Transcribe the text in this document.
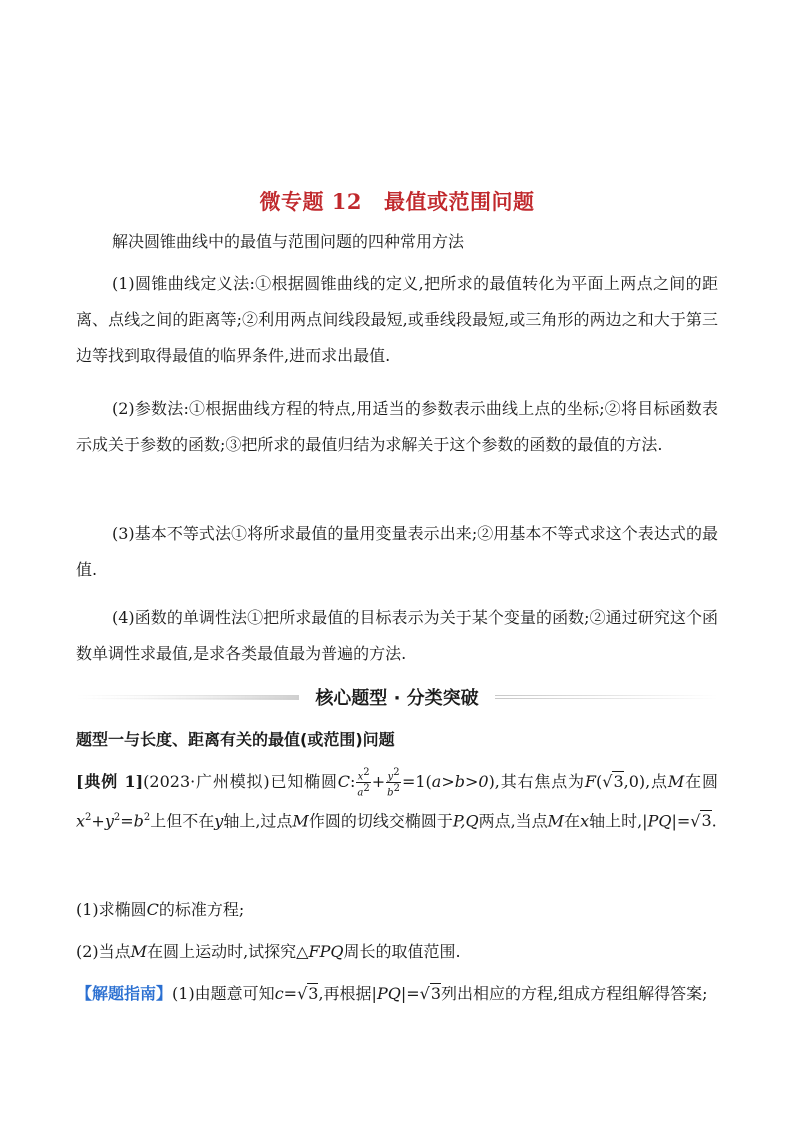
微专题 12 最值或范围问题
解决圆锥曲线中的最值与范围问题的四种常用方法
(1)圆锥曲线定义法:①根据圆锥曲线的定义,把所求的最值转化为平面上两点之间的距离、点线之间的距离等;②利用两点间线段最短,或垂线段最短,或三角形的两边之和大于第三边等找到取得最值的临界条件,进而求出最值.
(2)参数法:①根据曲线方程的特点,用适当的参数表示曲线上点的坐标;②将目标函数表示成关于参数的函数;③把所求的最值归结为求解关于这个参数的函数的最值的方法.
(3)基本不等式法①将所求最值的量用变量表示出来;②用基本不等式求这个表达式的最值.
(4)函数的单调性法①把所求最值的目标表示为关于某个变量的函数;②通过研究这个函数单调性求最值,是求各类最值最为普遍的方法.
核心题型 · 分类突破
题型一与长度、距离有关的最值(或范围)问题
[典例 1](2023·广州模拟)已知椭圆C: $\frac{x^2}{a^2} + \frac{y^2}{b^2} =1(a>b>0)$,其右焦点为F(√3,0),点M在圆$x^2+y^2=b^2$上但不在y轴上,过点M作圆的切线交椭圆于P,Q两点,当点M在x轴上时,|PQ|=√3.
(1)求椭圆C的标准方程;
(2)当点M在圆上运动时,试探究△FPQ周长的取值范围.
【解题指南】(1)由题意可知c=√3,再根据|PQ|=√3列出相应的方程,组成方程组解得答案;
